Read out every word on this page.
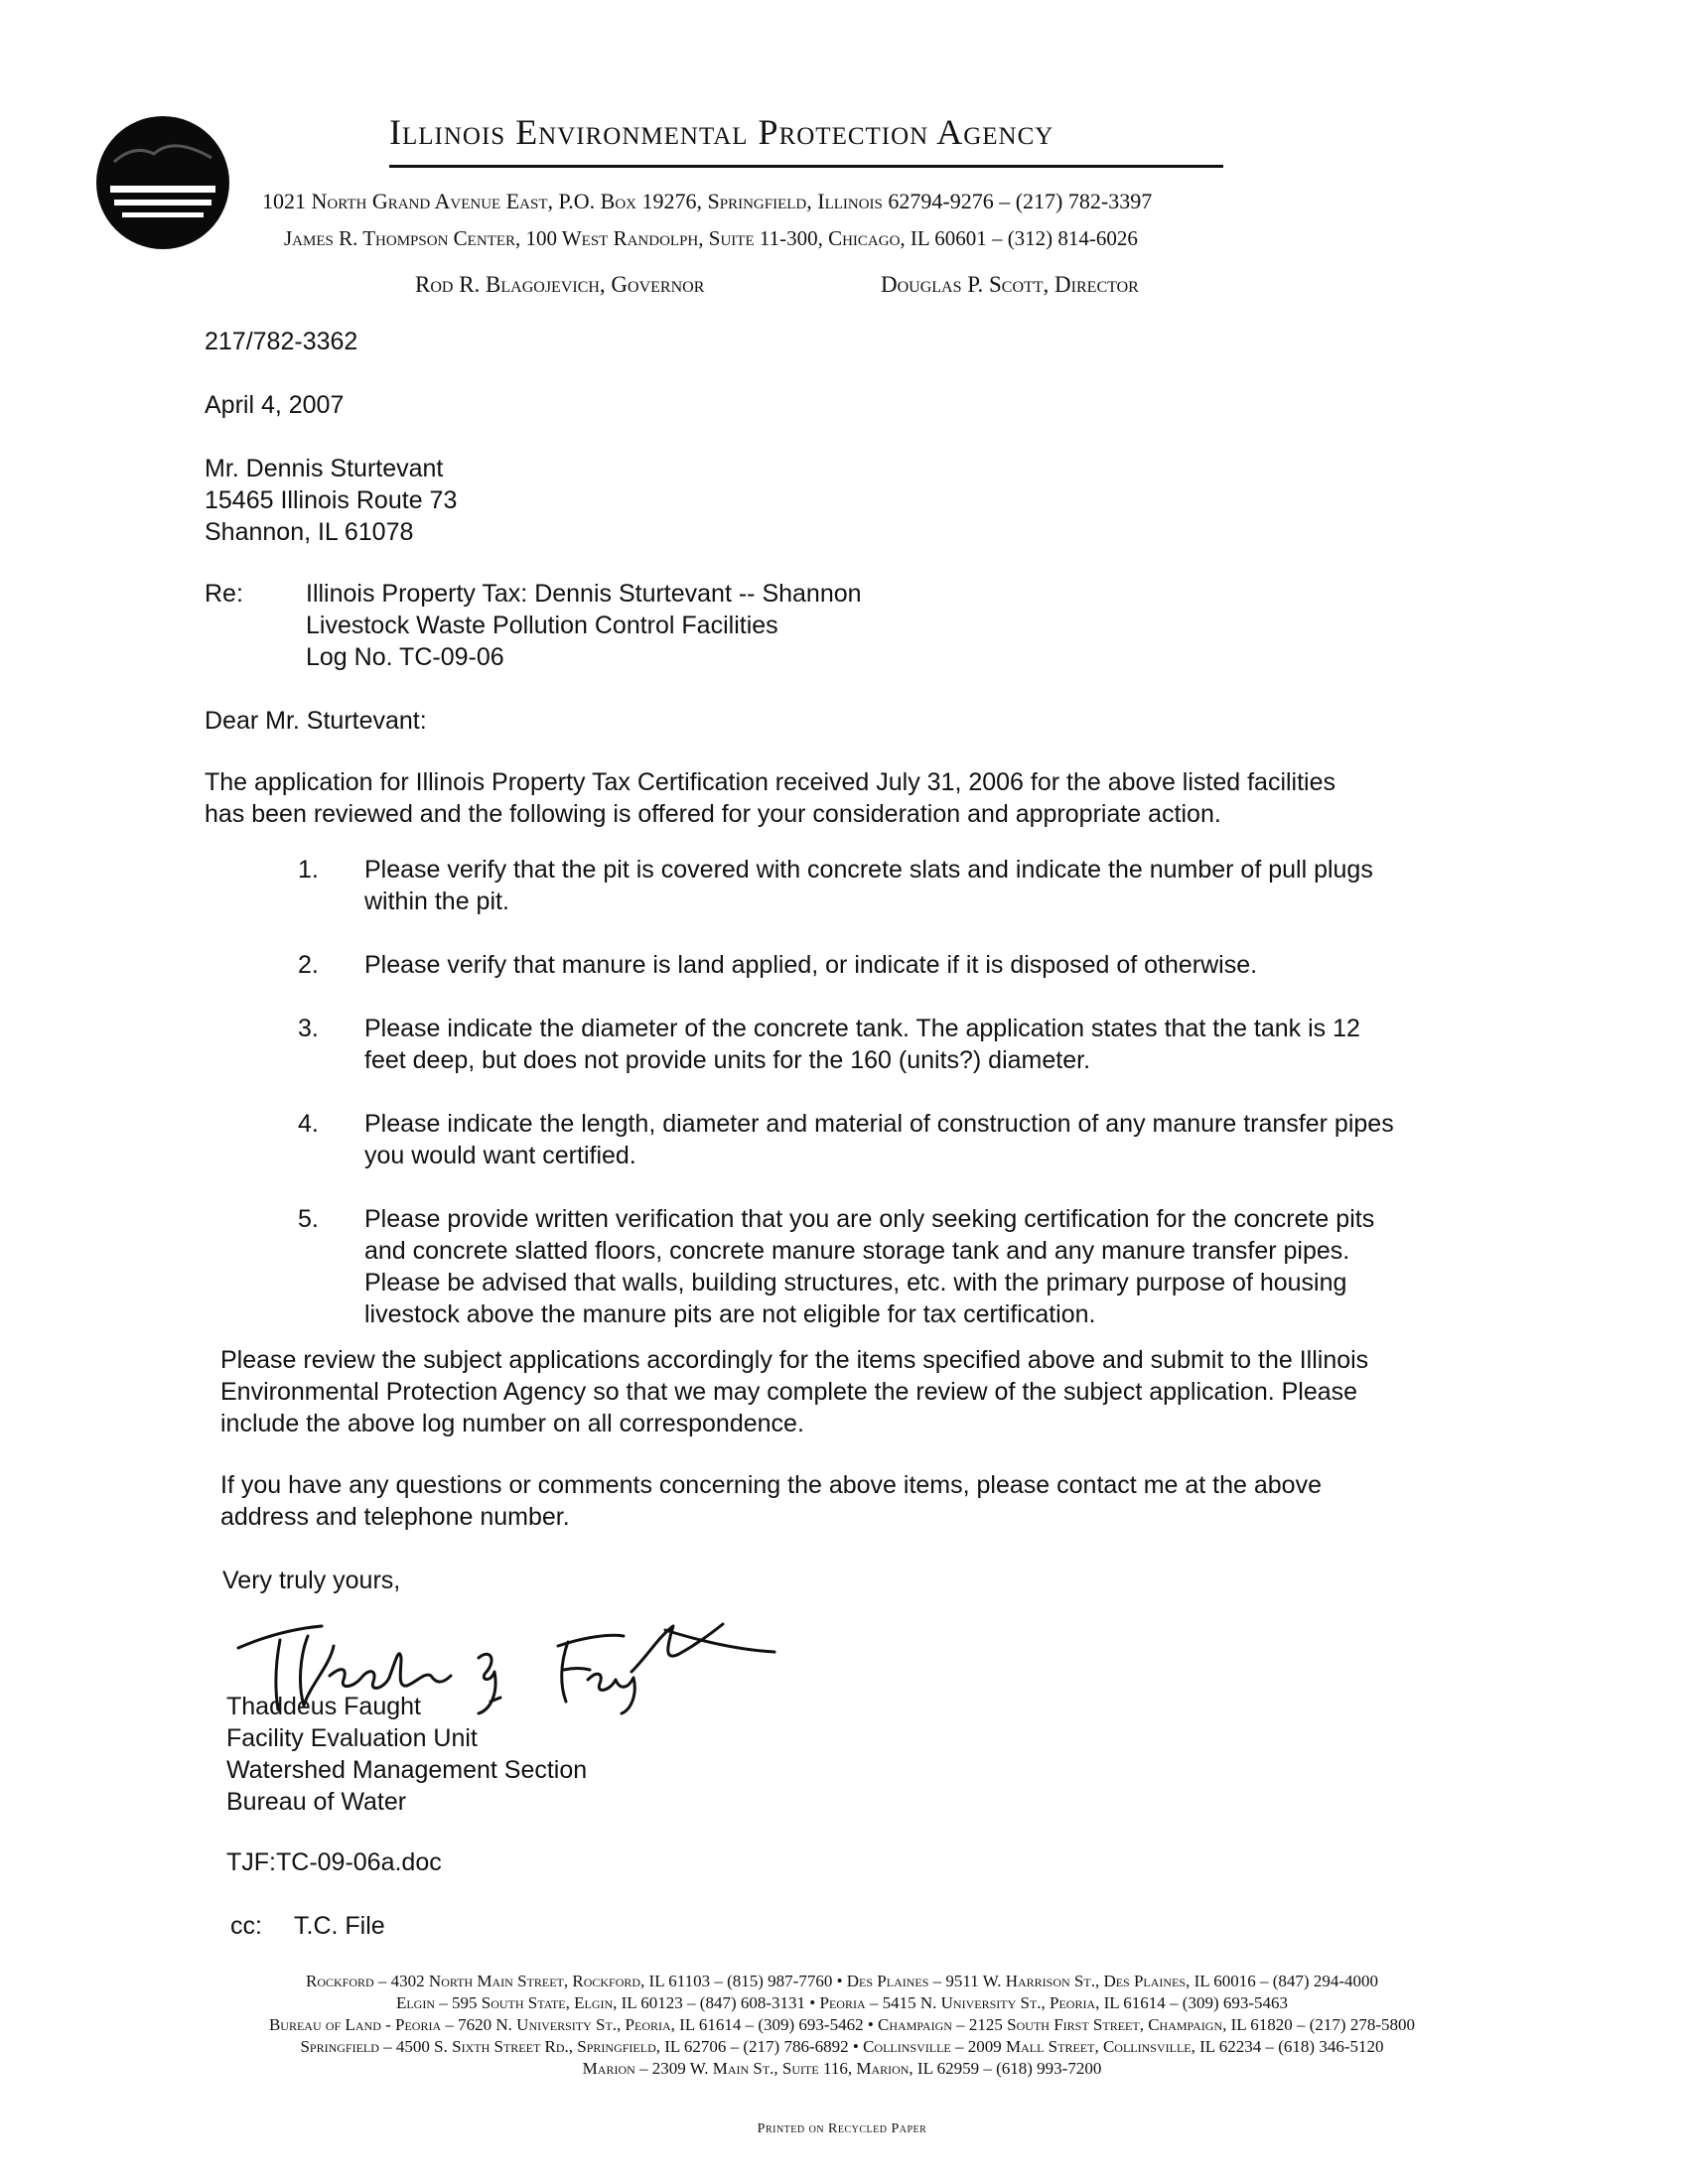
Illinois Environmental Protection Agency
1021 North Grand Avenue East, P.O. Box 19276, Springfield, Illinois 62794-9276 – (217) 782-3397
James R. Thompson Center, 100 West Randolph, Suite 11-300, Chicago, IL 60601 – (312) 814-6026
Rod R. Blagojevich, Governor	Douglas P. Scott, Director
217/782-3362
April 4, 2007
Mr. Dennis Sturtevant
15465 Illinois Route 73
Shannon, IL 61078
Re:	Illinois Property Tax: Dennis Sturtevant -- Shannon
Livestock Waste Pollution Control Facilities
Log No. TC-09-06
Dear Mr. Sturtevant:
The application for Illinois Property Tax Certification received July 31, 2006 for the above listed facilities
has been reviewed and the following is offered for your consideration and appropriate action.
1.	Please verify that the pit is covered with concrete slats and indicate the number of pull plugs
within the pit.
2.	Please verify that manure is land applied, or indicate if it is disposed of otherwise.
3.	Please indicate the diameter of the concrete tank. The application states that the tank is 12
feet deep, but does not provide units for the 160 (units?) diameter.
4.	Please indicate the length, diameter and material of construction of any manure transfer pipes
you would want certified.
5.	Please provide written verification that you are only seeking certification for the concrete pits
and concrete slatted floors, concrete manure storage tank and any manure transfer pipes.
Please be advised that walls, building structures, etc. with the primary purpose of housing
livestock above the manure pits are not eligible for tax certification.
Please review the subject applications accordingly for the items specified above and submit to the Illinois
Environmental Protection Agency so that we may complete the review of the subject application. Please
include the above log number on all correspondence.
If you have any questions or comments concerning the above items, please contact me at the above
address and telephone number.
Very truly yours,
Thaddeus Faught
Facility Evaluation Unit
Watershed Management Section
Bureau of Water
TJF:TC-09-06a.doc
cc: T.C. File
Rockford – 4302 North Main Street, Rockford, IL 61103 – (815) 987-7760 • Des Plaines – 9511 W. Harrison St., Des Plaines, IL 60016 – (847) 294-4000
Elgin – 595 South State, Elgin, IL 60123 – (847) 608-3131 • Peoria – 5415 N. University St., Peoria, IL 61614 – (309) 693-5463
Bureau of Land - Peoria – 7620 N. University St., Peoria, IL 61614 – (309) 693-5462 • Champaign – 2125 South First Street, Champaign, IL 61820 – (217) 278-5800
Springfield – 4500 S. Sixth Street Rd., Springfield, IL 62706 – (217) 786-6892 • Collinsville – 2009 Mall Street, Collinsville, IL 62234 – (618) 346-5120
Marion – 2309 W. Main St., Suite 116, Marion, IL 62959 – (618) 993-7200
Printed on Recycled Paper
